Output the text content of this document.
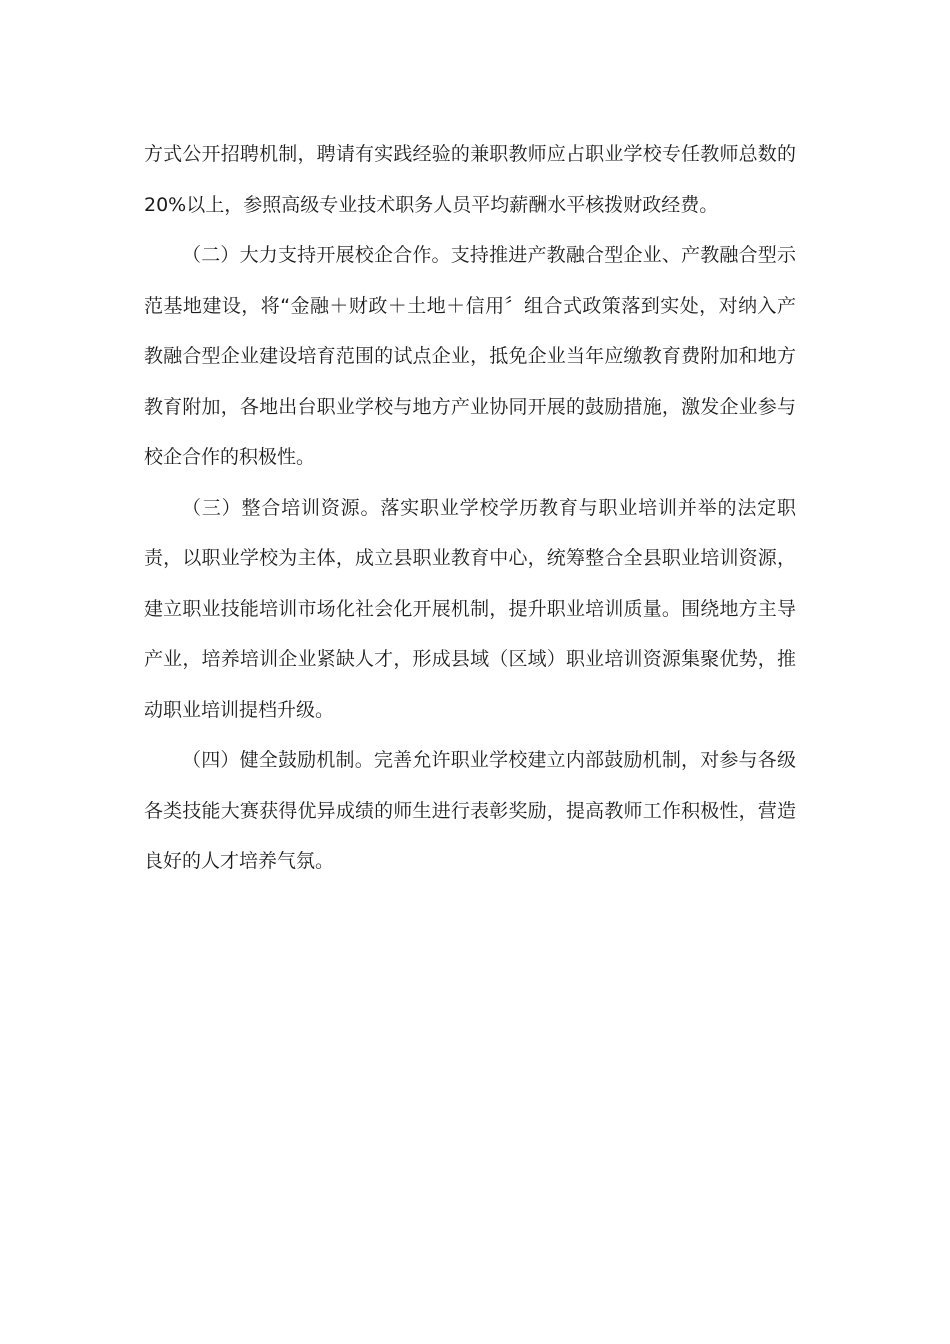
方式公开招聘机制，聘请有实践经验的兼职教师应占职业学校专任教师总数的20%以上，参照高级专业技术职务人员平均薪酬水平核拨财政经费。

（二）大力支持开展校企合作。支持推进产教融合型企业、产教融合型示范基地建设，将“金融＋财政＋土地＋信用〞组合式政策落到实处，对纳入产教融合型企业建设培育范围的试点企业，抵免企业当年应缴教育费附加和地方教育附加，各地出台职业学校与地方产业协同开展的鼓励措施，激发企业参与校企合作的积极性。

（三）整合培训资源。落实职业学校学历教育与职业培训并举的法定职责，以职业学校为主体，成立县职业教育中心，统筹整合全县职业培训资源，建立职业技能培训市场化社会化开展机制，提升职业培训质量。围绕地方主导产业，培养培训企业紧缺人才，形成县域（区域）职业培训资源集聚优势，推动职业培训提档升级。

（四）健全鼓励机制。完善允许职业学校建立内部鼓励机制，对参与各级各类技能大赛获得优异成绩的师生进行表彰奖励，提高教师工作积极性，营造良好的人才培养气氛。
